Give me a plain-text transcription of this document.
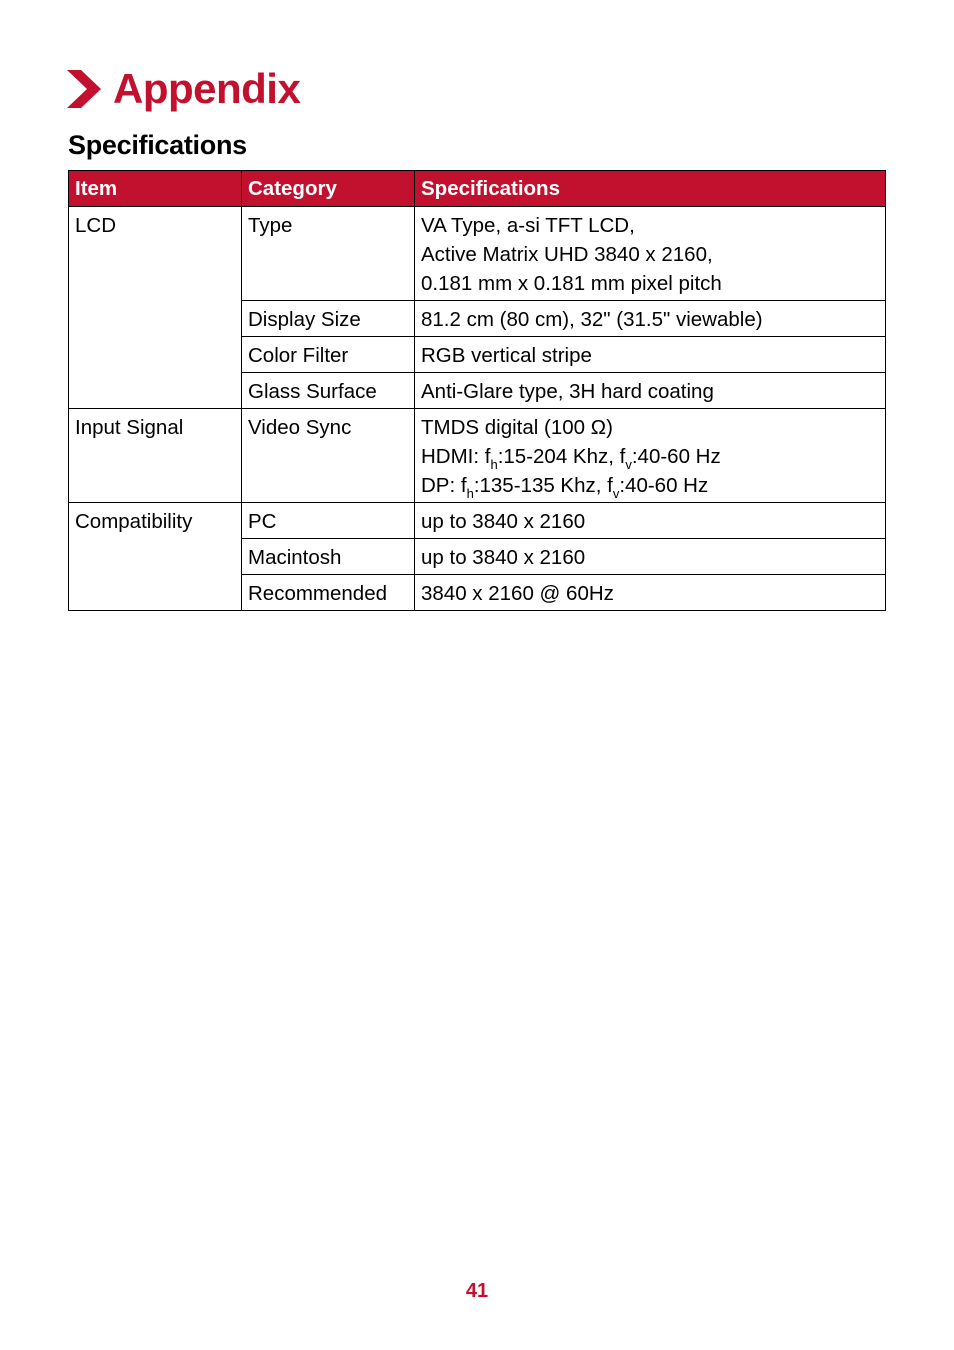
Appendix
Specifications
Item	Category	Specifications
LCD	Type	VA Type, a-si TFT LCD,
Active Matrix UHD 3840 x 2160,
0.181 mm x 0.181 mm pixel pitch

	Display Size	81.2 cm (80 cm), 32" (31.5" viewable)
	Color Filter	RGB vertical stripe
	Glass Surface	Anti-Glare type, 3H hard coating
Input Signal	Video Sync	TMDS digital (100 Ω)
HDMI: $f_h:15-204$ Khz, $f_v:40-60$ Hz
DP: $f_h:135-135$ Khz, $f_v:40-60$ Hz

Compatibility	PC	up to 3840 x 2160
	Macintosh	up to 3840 x 2160
	Recommended	3840 x 2160 @ 60Hz
41
